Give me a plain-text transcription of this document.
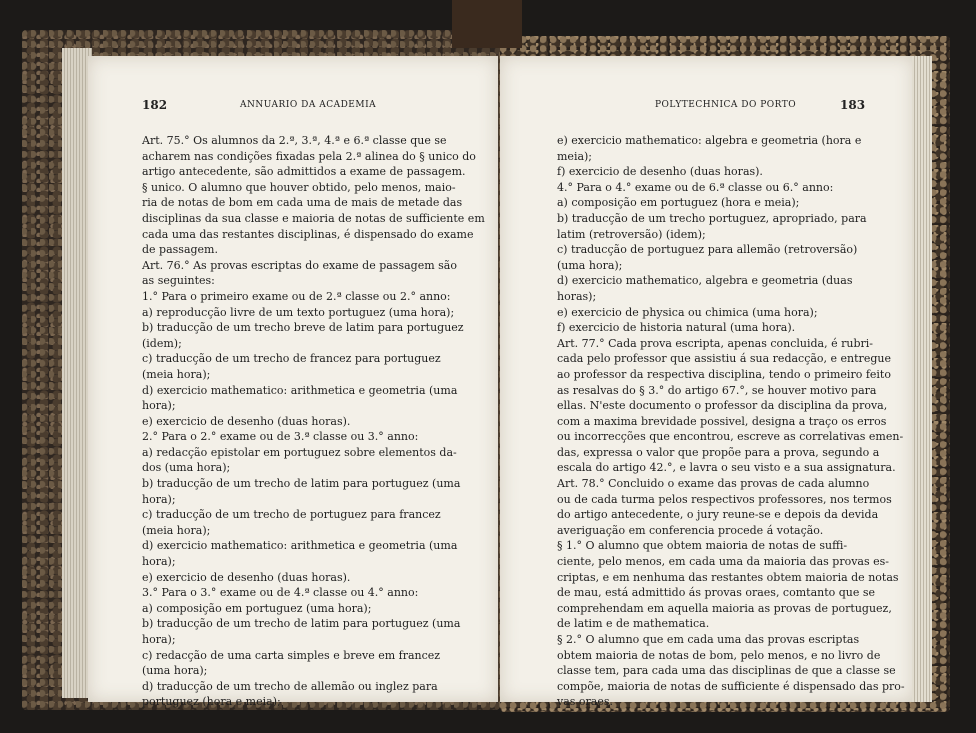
182	ANNUARIO DA ACADEMIA	POLYTECHNICA DO PORTO	183
Art. 75.° Os alumnos da 2.ª, 3.ª, 4.ª e 6.ª classe que se
acharem nas condições fixadas pela 2.ª alinea do § unico do
artigo antecedente, são admittidos a exame de passagem.
§ unico. O alumno que houver obtido, pelo menos, maio-
ria de notas de bom em cada uma de mais de metade das
disciplinas da sua classe e maioria de notas de sufficiente em
cada uma das restantes disciplinas, é dispensado do exame
de passagem.
Art. 76.° As provas escriptas do exame de passagem são
as seguintes:
1.° Para o primeiro exame ou de 2.ª classe ou 2.° anno:
a) reproducção livre de um texto portuguez (uma hora);
b) traducção de um trecho breve de latim para portuguez
(idem);
c) traducção de um trecho de francez para portuguez
(meia hora);
d) exercicio mathematico: arithmetica e geometria (uma
hora);
e) exercicio de desenho (duas horas).
2.° Para o 2.° exame ou de 3.ª classe ou 3.° anno:
a) redacção epistolar em portuguez sobre elementos da-
dos (uma hora);
b) traducção de um trecho de latim para portuguez (uma
hora);
c) traducção de um trecho de portuguez para francez
(meia hora);
d) exercicio mathematico: arithmetica e geometria (uma
hora);
e) exercicio de desenho (duas horas).
3.° Para o 3.° exame ou de 4.ª classe ou 4.° anno:
a) composição em portuguez (uma hora);
b) traducção de um trecho de latim para portuguez (uma
hora);
c) redacção de uma carta simples e breve em francez
(uma hora);
d) traducção de um trecho de allemão ou inglez para
portuguez (hora e meia);
e) exercicio mathematico: algebra e geometria (hora e
meia);
f) exercicio de desenho (duas horas).
4.° Para o 4.° exame ou de 6.ª classe ou 6.° anno:
a) composição em portuguez (hora e meia);
b) traducção de um trecho portuguez, apropriado, para
latim (retroversão) (idem);
c) traducção de portuguez para allemão (retroversão)
(uma hora);
d) exercicio mathematico, algebra e geometria (duas
horas);
e) exercicio de physica ou chimica (uma hora);
f) exercicio de historia natural (uma hora).
Art. 77.° Cada prova escripta, apenas concluida, é rubri-
cada pelo professor que assistiu á sua redacção, e entregue
ao professor da respectiva disciplina, tendo o primeiro feito
as resalvas do § 3.° do artigo 67.°, se houver motivo para
ellas. N'este documento o professor da disciplina da prova,
com a maxima brevidade possivel, designa a traço os erros
ou incorrecções que encontrou, escreve as correlativas emen-
das, expressa o valor que propõe para a prova, segundo a
escala do artigo 42.°, e lavra o seu visto e a sua assignatura.
Art. 78.° Concluido o exame das provas de cada alumno
ou de cada turma pelos respectivos professores, nos termos
do artigo antecedente, o jury reune-se e depois da devida
averiguação em conferencia procede á votação.
§ 1.° O alumno que obtem maioria de notas de suffi-
ciente, pelo menos, em cada uma da maioria das provas es-
criptas, e em nenhuma das restantes obtem maioria de notas
de mau, está admittido ás provas oraes, comtanto que se
comprehendam em aquella maioria as provas de portuguez,
de latim e de mathematica.
§ 2.° O alumno que em cada uma das provas escriptas
obtem maioria de notas de bom, pelo menos, e no livro de
classe tem, para cada uma das disciplinas de que a classe se
compõe, maioria de notas de sufficiente é dispensado das pro-
vas oraes.
